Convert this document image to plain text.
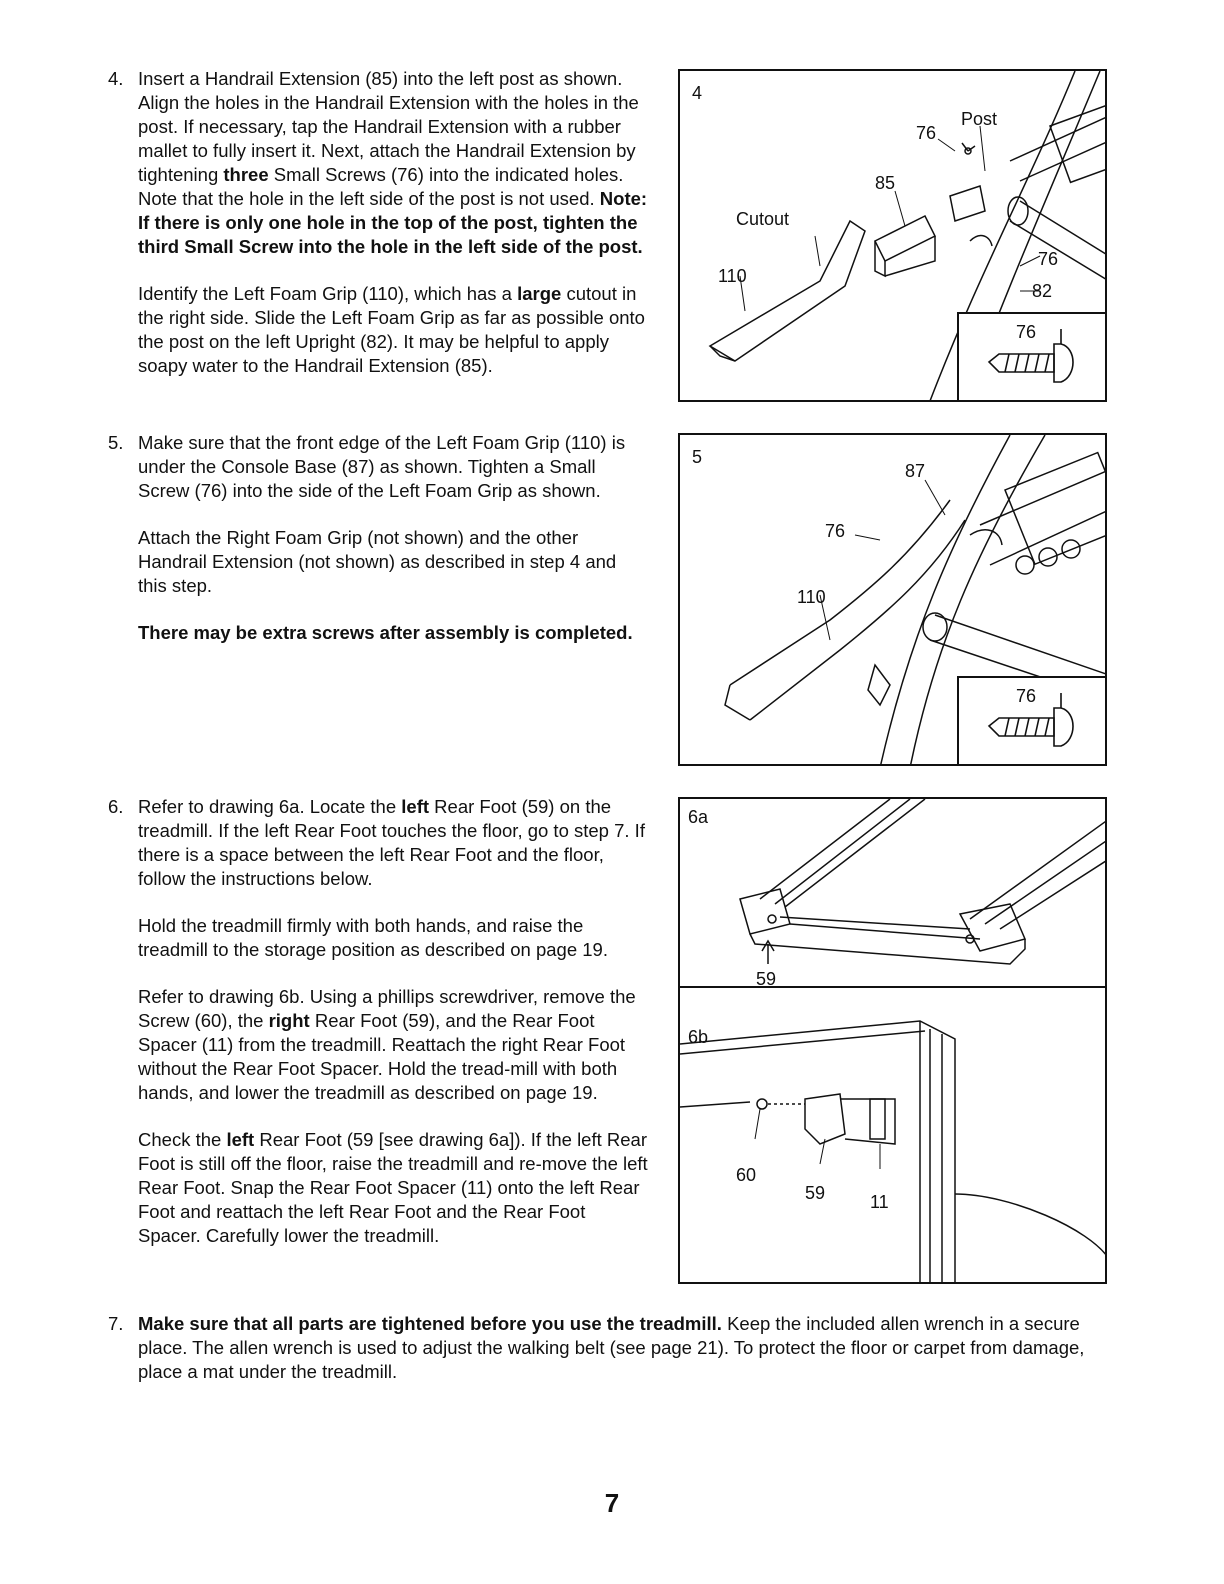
4. Insert a Handrail Extension (85) into the left post as shown. Align the holes in the Handrail Extension with the holes in the post. If necessary, tap the Handrail Extension with a rubber mallet to fully insert it. Next, attach the Handrail Extension by tightening three Small Screws (76) into the indicated holes. Note that the hole in the left side of the post is not used. Note: If there is only one hole in the top of the post, tighten the third Small Screw into the hole in the left side of the post.

Identify the Left Foam Grip (110), which has a large cutout in the right side. Slide the Left Foam Grip as far as possible onto the post on the left Upright (82). It may be helpful to apply soapy water to the Handrail Extension (85).

5. Make sure that the front edge of the Left Foam Grip (110) is under the Console Base (87) as shown. Tighten a Small Screw (76) into the side of the Left Foam Grip as shown.

Attach the Right Foam Grip (not shown) and the other Handrail Extension (not shown) as described in step 4 and this step.

There may be extra screws after assembly is completed.

6. Refer to drawing 6a. Locate the left Rear Foot (59) on the treadmill. If the left Rear Foot touches the floor, go to step 7. If there is a space between the left Rear Foot and the floor, follow the instructions below.

Hold the treadmill firmly with both hands, and raise the treadmill to the storage position as described on page 19.

Refer to drawing 6b. Using a phillips screwdriver, remove the Screw (60), the right Rear Foot (59), and the Rear Foot Spacer (11) from the treadmill. Reattach the right Rear Foot without the Rear Foot Spacer. Hold the tread-mill with both hands, and lower the treadmill as described on page 19.

Check the left Rear Foot (59 [see drawing 6a]). If the left Rear Foot is still off the floor, raise the treadmill and re-move the left Rear Foot. Snap the Rear Foot Spacer (11) onto the left Rear Foot and reattach the left Rear Foot and the Rear Foot Spacer. Carefully lower the treadmill.

7. Make sure that all parts are tightened before you use the treadmill. Keep the included allen wrench in a secure place. The allen wrench is used to adjust the walking belt (see page 21). To protect the floor or carpet from damage, place a mat under the treadmill.
4
Post
76
85
Cutout
110
76
82
76
5
87
76
110
76
6a
59
6b
60
59 11
7
